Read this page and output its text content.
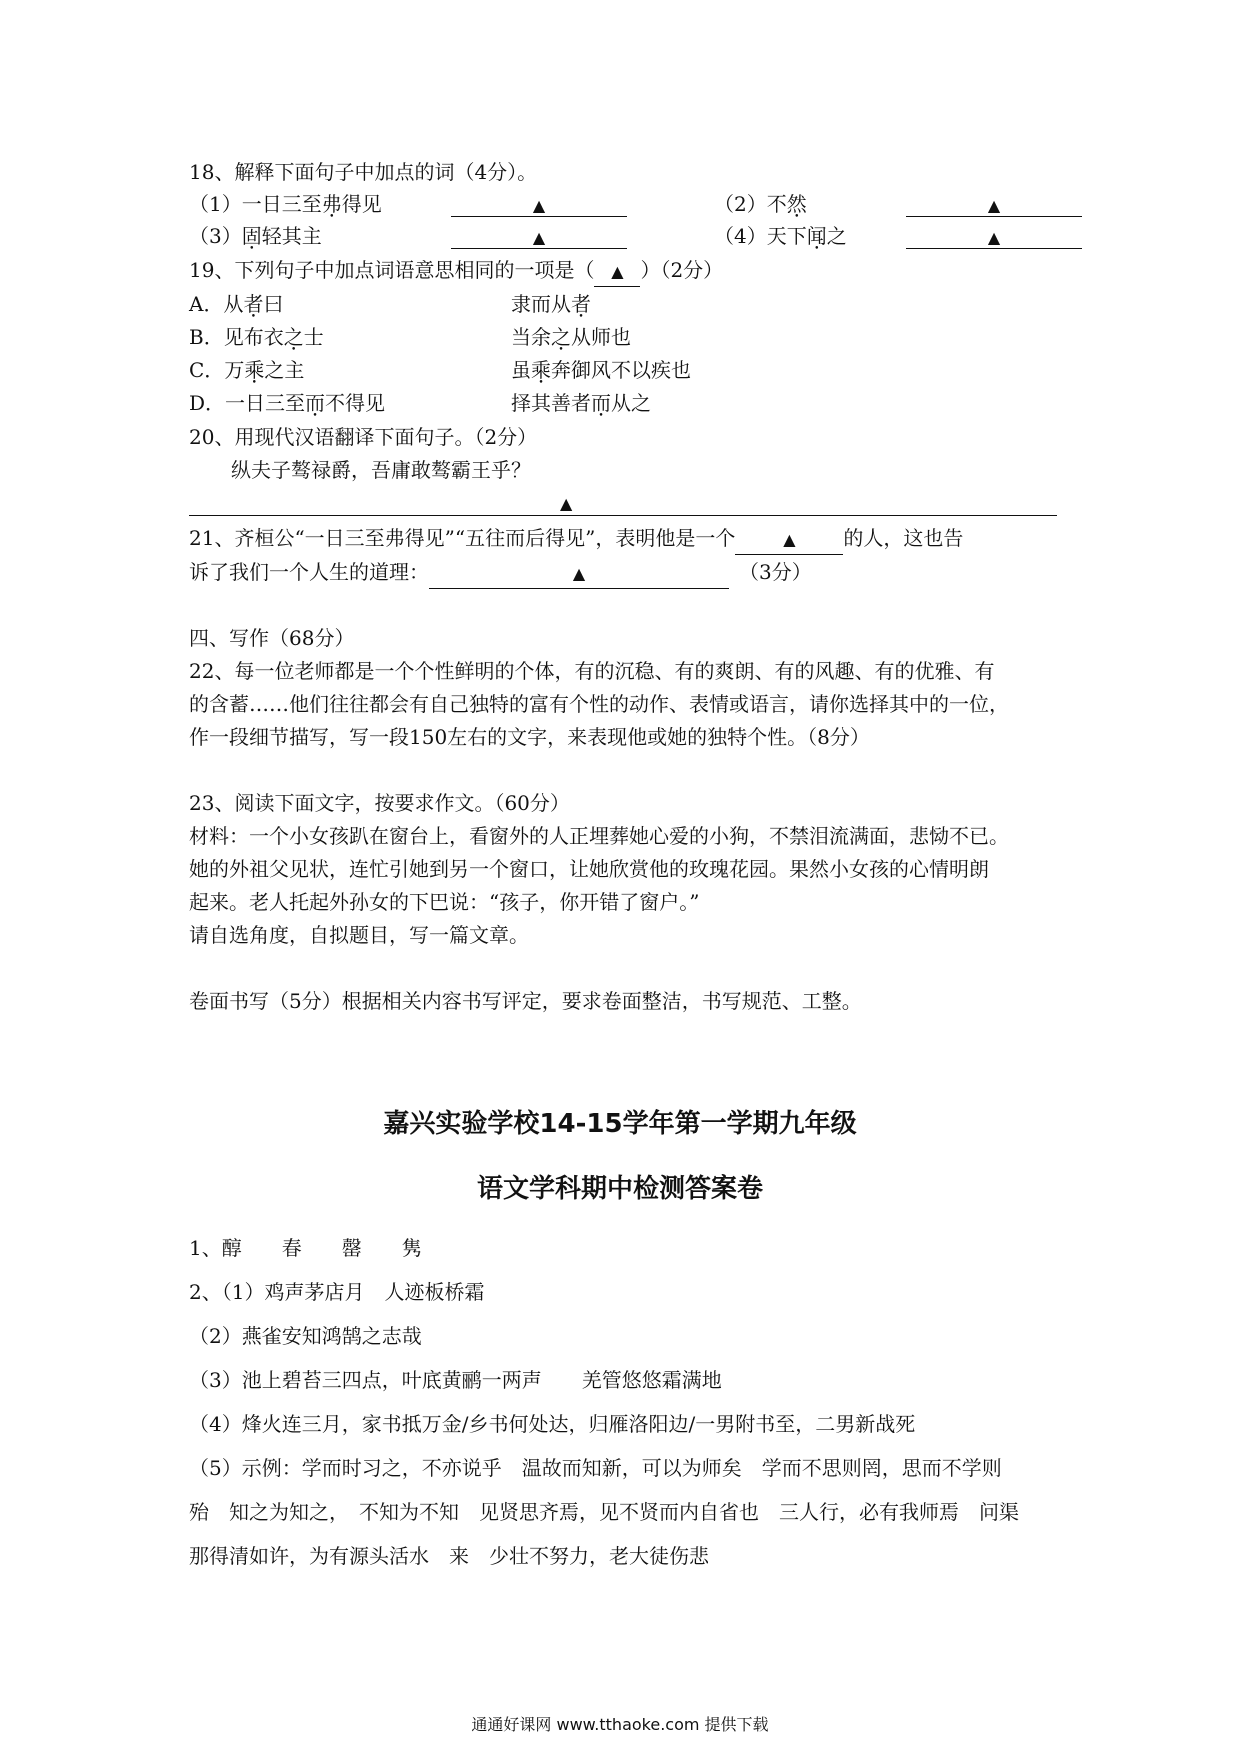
18、解释下面句子中加点的词（4分）。
（1）一日三至弗得见	▲	（2）不然	▲
（3）固轻其主	▲	（4）天下闻之	▲
19、下列句子中加点词语意思相同的一项是（ ▲ ）（2分）
A．从者曰	隶而从者
B．见布衣之士	当余之从师也
C．万乘之主	虽乘奔御风不以疾也
D．一日三至而不得见	择其善者而从之
20、用现代汉语翻译下面句子。（2分）
纵夫子骜禄爵，吾庸敢骜霸王乎？
▲
21、齐桓公“一日三至弗得见”“五往而后得见”，表明他是一个	▲ 的人，这也告
诉了我们一个人生的道理：	▲　	（3分）
四、写作（68分）
22、每一位老师都是一个个性鲜明的个体，有的沉稳、有的爽朗、有的风趣、有的优雅、有
的含蓄……他们往往都会有自己独特的富有个性的动作、表情或语言，请你选择其中的一位，
作一段细节描写，写一段150左右的文字，来表现他或她的独特个性。（8分）
23、阅读下面文字，按要求作文。（60分）
材料：一个小女孩趴在窗台上，看窗外的人正埋葬她心爱的小狗，不禁泪流满面，悲恸不已。
她的外祖父见状，连忙引她到另一个窗口，让她欣赏他的玫瑰花园。果然小女孩的心情明朗
起来。老人托起外孙女的下巴说：“孩子，你开错了窗户。”
请自选角度，自拟题目，写一篇文章。
卷面书写（5分）根据相关内容书写评定，要求卷面整洁，书写规范、工整。
嘉兴实验学校14-15学年第一学期九年级
语文学科期中检测答案卷
1、醇　　春　　罄　　隽
2、（1）鸡声茅店月　人迹板桥霜
（2）燕雀安知鸿鹄之志哉
（3）池上碧苔三四点，叶底黄鹂一两声　　羌管悠悠霜满地
（4）烽火连三月，家书抵万金/乡书何处达，归雁洛阳边/一男附书至，二男新战死
（5）示例：学而时习之，不亦说乎　温故而知新，可以为师矣　学而不思则罔，思而不学则
殆　知之为知之，　不知为不知　见贤思齐焉，见不贤而内自省也　三人行，必有我师焉　问渠
那得清如许，为有源头活水　来　少壮不努力，老大徒伤悲
通通好课网 www.tthaoke.com 提供下载
